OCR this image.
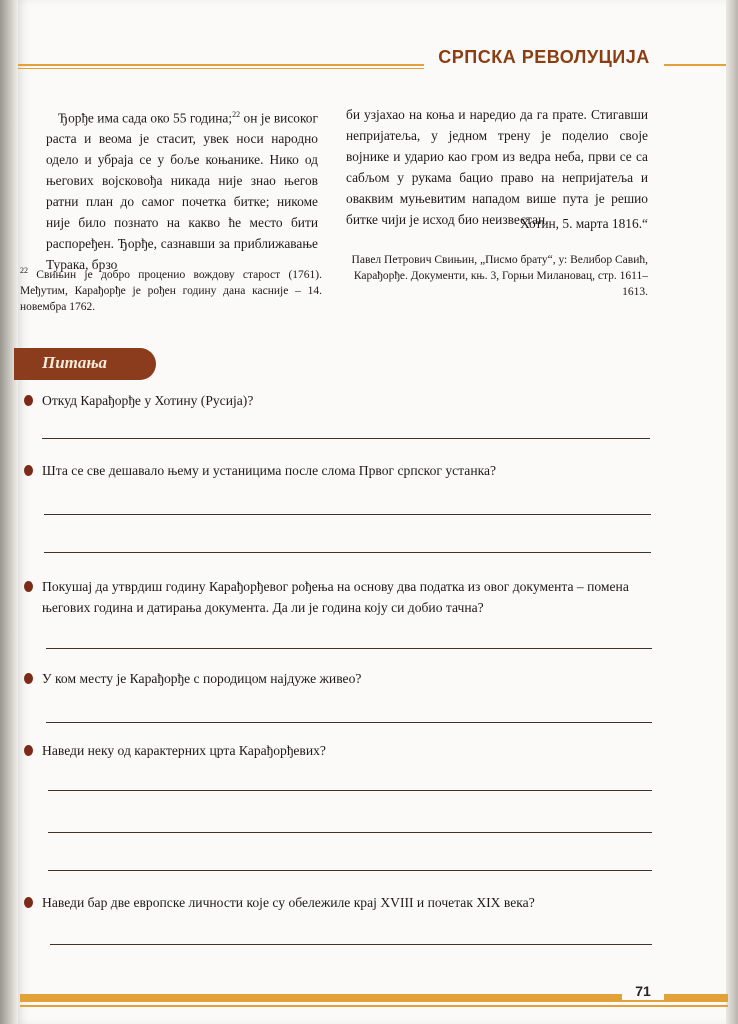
СРПСКА РЕВОЛУЦИЈА

Ђорђе има сада око 55 година;$^{22}$ он је високог раста и веома је стасит, увек носи народно одело и убраја се у боље коњанике. Нико од његових војсковођа никада није знао његов ратни план до самог почетка битке; никоме није било познато на какво ће место бити распоређен. Ђорђе, сазнавши за приближавање Турака, брзо

би узјахао на коња и наредио да га прате. Стигавши непријатеља, у једном трену је поделио своје војнике и ударио као гром из ведра неба, први се са сабљом у рукама бацио право на непријатеља и оваквим муњевитим нападом више пута је решио битке чији је исход био неизвестан.

Хотин, 5. марта 1816.“
Павел Петрович Свињин, „Писмо брату“, у: Велибор Савић, Карађорђе. Документи, књ. 3, Горњи Милановац, стр. 1611–1613.
$^{22}$ Свињин је добро проценио вождову старост (1761). Међутим, Карађорђе је рођен годину дана касније – 14. новембра 1762.
Питања
Откуд Карађорђе у Хотину (Русија)?
Шта се све дешавало њему и устаницима после слома Првог српског устанка?
Покушај да утврдиш годину Карађорђевог рођења на основу два податка из овог документа – помена његових година и датирања документа. Да ли је година коју си добио тачна?
У ком месту је Карађорђе с породицом најдуже живео?
Наведи неку од карактерних црта Карађорђевих?
Наведи бар две европске личности које су обележиле крај XVIII и почетак XIX века?
71
